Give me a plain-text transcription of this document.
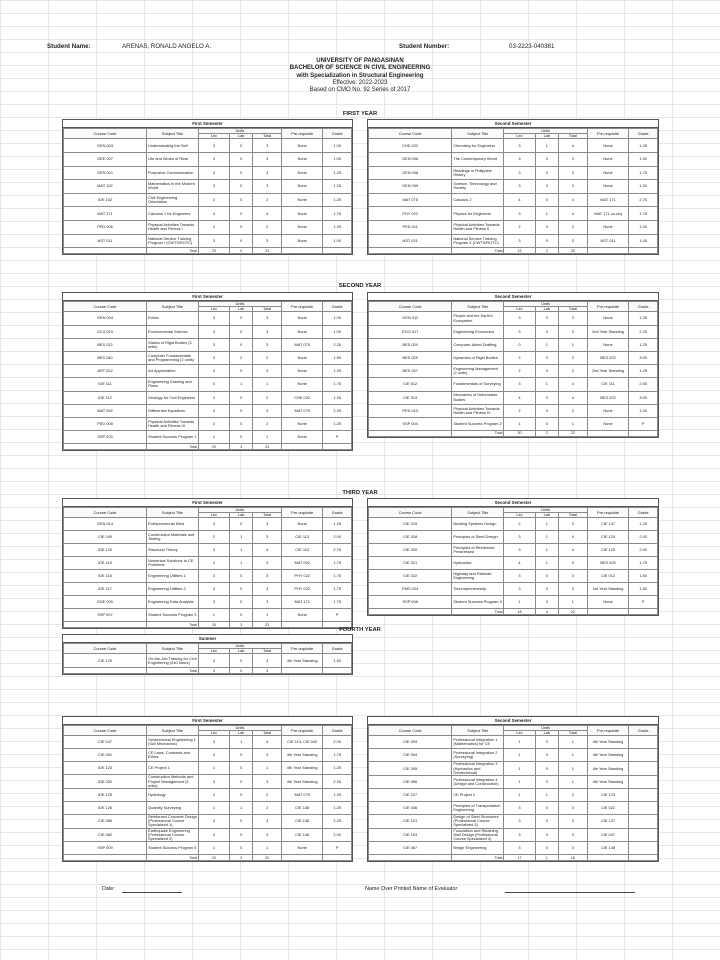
Student Name:	ARENAS, RONALD ANGELO A.	Student Number:	03-2223-040381
UNIVERSITY OF PANGASINAN
BACHELOR OF SCIENCE IN CIVIL ENGINEERING
with Specialization in Structural Engineering
Effective: 2022-2023
Based on CMO No. 92 Series of 2017
FIRST YEAR
First Semester
Course Code	Subject Title	Units			Pre-requisite	Grade
		Lec	Lab	Total		
GEN 003	Understanding the Self	3	0	3	None	1.00
GEE 007	Life and Works of Rizal	3	0	3	None	1.00
GEN 001	Purposive Communication	3	0	3	None	1.25
MAT 102	Mathematics in the Modern World	3	0	3	None	1.25
IDE 102	Civil Engineering Orientation	2	0	2	None	1.25
MAT 171	Calculus 1 for Engineers	4	0	4	None	1.75
PED 006	Physical Activities Towards Health and Fitness I	2	0	2	None	1.25
NST 011	National Service Training Program I (CWTS/ROTC)	3	0	3	None	1.00
	Total	23	0	23		
Second Semester
Course Code	Subject Title	Units			Pre-requisite	Grade
		Lec	Lab	Total		
CHE 022	Chemistry for Engineers	3	1	4	None	1.25
GEN 006	The Contemporary World	3	0	3	None	1.00
GEN 008	Readings in Philippine History	3	0	3	None	1.75
GEN 009	Science, Technology and Society	3	0	3	None	1.00
MAT 075	Calculus 2	4	0	4	MAT 171	2.75
PHY 022	Physics for Engineers	3	1	4	MAT 171 co-req	1.75
PED 011	Physical Activities Towards Health and Fitness II	2	0	2	None	1.00
NST 021	National Service Training Program II (CWTS/ROTC)	3	0	3	NST 011	1.00
	Total	23	2	25		
SECOND YEAR
First Semester
Course Code	Subject Title	Units			Pre-requisite	Grade
		Lec	Lab	Total		
GEN 004	Ethics	3	0	3	None	1.00
GCX 010	Environmental Science	3	0	3	None	1.00
BES 022	Statics of Rigid Bodies (3 units)	3	0	3	MAT 075	2.25
BES 040	Computer Fundamentals and Programming (2 units)	0	2	2	None	1.50
ART 002	Art Appreciation	3	0	3	None	1.25
IDE 111	Engineering Drawing and Plans	0	1	1	None	1.75
IDE 112	Geology for Civil Engineers	2	0	2	CHE 022	1.25
MAT 092	Differential Equations	3	0	3	MAT 075	2.25
PED 008	Physical Activities Towards Health and Fitness III	2	0	2	None	1.25
SSP 003	Student Success Program 1	1	0	1	None	P
	Total	20	3	23		
Second Semester
Course Code	Subject Title	Units			Pre-requisite	Grade
		Lec	Lab	Total		
GEN 011	People and the Earth's Ecosystem	3	0	3	None	1.25
EGO 017	Engineering Economics	3	0	3	2nd Year Standing	2.25
BES 024	Computer-Aided Drafting	0	1	1	None	1.25
BES 025	Dynamics of Rigid Bodies	2	0	2	BES 022	3.00
BES 047	Engineering Management (2 units)	2	0	2	2nd Year Standing	1.25
CIE 012	Fundamentals of Surveying	3	1	4	CIE 111	2.50
CIE 013	Mechanics of Deformable Bodies	4	0	4	BES 022	3.00
PED 013	Physical Activities Towards Health and Fitness IV	2	0	2	None	1.00
SSP 004	Student Success Program 2	1	0	1	None	P
	Total	20	2	22		
THIRD YEAR
First Semester
Course Code	Subject Title	Units			Pre-requisite	Grade
		Lec	Lab	Total		
GEN 014	Entrepreneurial Mind	3	0	3	None	1.25
CIE 040	Construction Materials and Testing	2	1	3	CIE 113	2.00
IDE 120	Structural Theory	3	1	4	CIE 113	2.75
IDE 115	Numerical Solutions to CE Problems	2	1	3	MAT 092	1.75
IDE 116	Engineering Utilities 1	3	0	3	PHY 022	1.75
IDE 117	Engineering Utilities 2	3	0	3	PHY 022	1.75
EDE 009	Engineering Data Analysis	3	0	3	MAT 171	1.75
SSP 007	Student Success Program 3	1	0	1	None	P
	Total	20	3	23		
Second Semester
Course Code	Subject Title	Units			Pre-requisite	Grade
		Lec	Lab	Total		
CIE 019	Building Systems Design	2	1	3	CIE 147	1.25
CIE 018	Principles of Steel Design	3	1	4	CIE 120	2.00
CIE 020	Principles of Reinforced Prestressed	3	1	4	CIE 120	2.00
CIE 021	Hydraulics	4	1	5	BES 025	1.75
CIE 022	Highway and Railroad Engineering	3	0	3	CIE 012	1.50
EMS 024	Technopreneurship	3	0	3	3rd Year Standing	1.50
SSP 008	Student Success Program 4	1	0	1	None	P
	Total	18	4	22		
FOURTH YEAR
Summer
Course Code	Subject Title	Units			Pre-requisite	Grade
		Lec	Lab	Total		
CIE 120	On-the-Job Training for Civil Engineering (240 hours)	3	0	3	4th Year Standing	1.50
	Total	3	0	3		
First Semester
Course Code	Subject Title	Units			Pre-requisite	Grade
		Lec	Lab	Total		
CIE 047	Geotechnical Engineering 1 (Soil Mechanics)	3	1	4	CIE 113, CIE 040	2.00
CIE 051	CE Laws, Contracts and Ethics	3	0	3	4th Year Standing	1.75
IDE 123	CE Project 1	1	0	1	4th Year Standing	1.25
IDE 052	Construction Methods and Project Management (3 units)	3	0	3	4th Year Standing	2.25
IDE 125	Hydrology	2	0	2	MAT 075	1.25
IDE 126	Quantity Surveying	1	1	2	CIE 138	1.25
CIE 080	Reinforced Concrete Design (Professional Course Specialized 1)	3	0	3	CIE 138	2.25
CIE 082	Earthquake Engineering (Professional Course Specialized 2)	3	0	3	CIE 138	2.00
SSP 009	Student Success Program 5	1	0	1	None	P
	Total	20	2	22		
Second Semester
Course Code	Subject Title	Units			Pre-requisite	Grade
		Lec	Lab	Total		
CIE 093	Professional Integration 1 (Mathematics) for CE	1	0	1	4th Year Standing	
CIE 094	Professional Integration 2 (Surveying)	1	0	1	4th Year Standing	
CIE 095	Professional Integration 3 (Hydraulics and Geotechnical)	1	0	1	4th Year Standing	
CIE 096	Professional Integration 4 (Design and Construction)	1	0	1	4th Year Standing	
CIE 127	CE Project 2	1	1	2	CIE 123	
CIE 036	Principles of Transportation Engineering	3	0	3	CIE 022	
CIE 101	Design of Steel Structures (Professional Course Specialized 3)	3	0	3	CIE 137	
CIE 103	Foundation and Retaining Wall Design (Professional Course Specialized 4)	3	0	3	CIE 047	
CIE 067	Bridge Engineering	3	0	3	CIE 138	
	Total	17	1	18		
Date:	Name Over Printed Name of Evaluator
